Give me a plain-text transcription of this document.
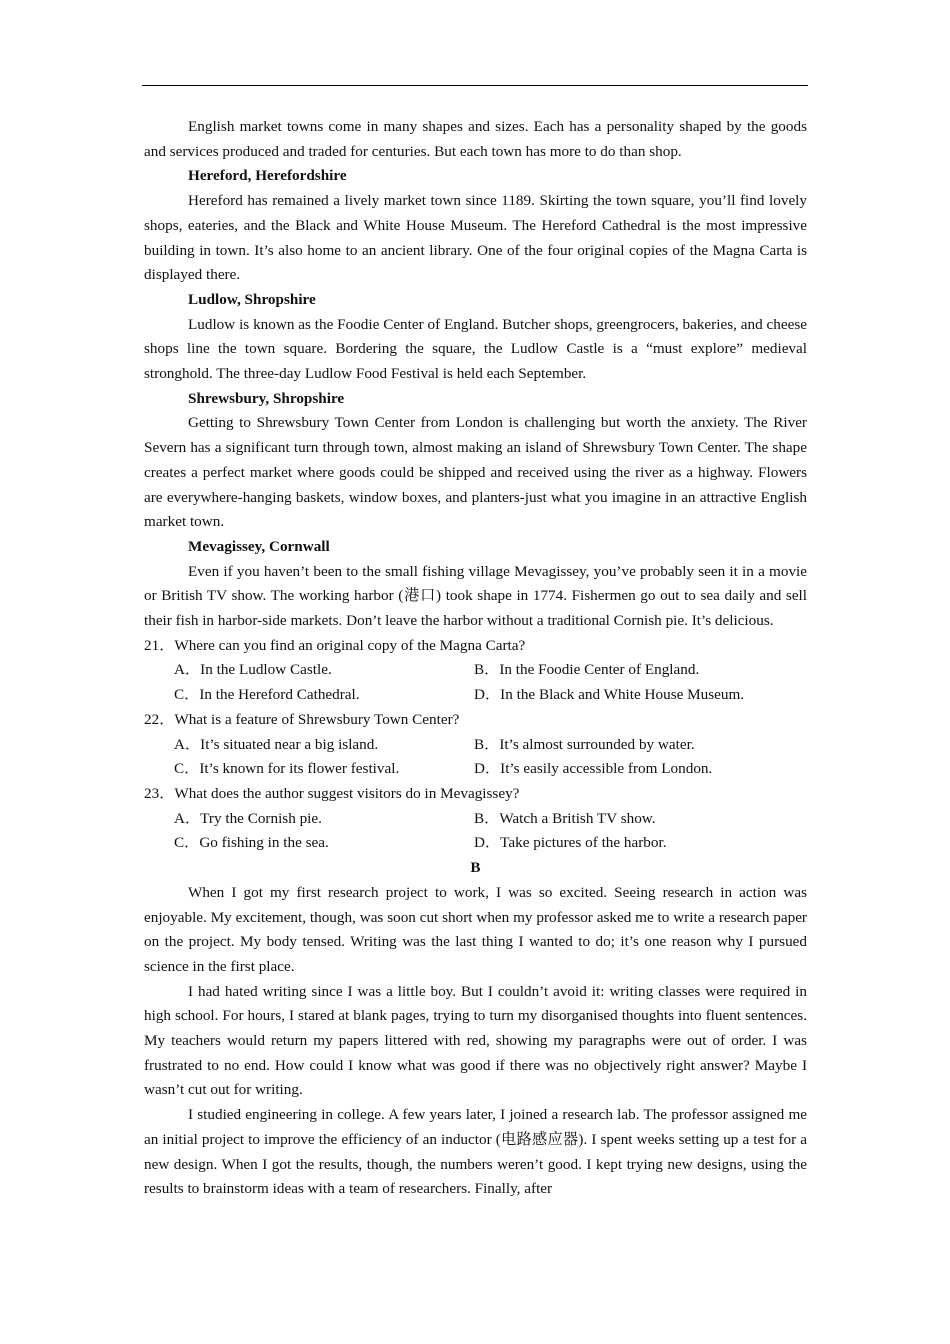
English market towns come in many shapes and sizes. Each has a personality shaped by the goods and services produced and traded for centuries. But each town has more to do than shop.

Hereford, Herefordshire

Hereford has remained a lively market town since 1189. Skirting the town square, you’ll find lovely shops, eateries, and the Black and White House Museum. The Hereford Cathedral is the most impressive building in town. It’s also home to an ancient library. One of the four original copies of the Magna Carta is displayed there.

Ludlow, Shropshire

Ludlow is known as the Foodie Center of England. Butcher shops, greengrocers, bakeries, and cheese shops line the town square. Bordering the square, the Ludlow Castle is a “must explore” medieval stronghold. The three-day Ludlow Food Festival is held each September.

Shrewsbury, Shropshire

Getting to Shrewsbury Town Center from London is challenging but worth the anxiety. The River Severn has a significant turn through town, almost making an island of Shrewsbury Town Center. The shape creates a perfect market where goods could be shipped and received using the river as a highway. Flowers are everywhere-hanging baskets, window boxes, and planters-just what you imagine in an attractive English market town.

Mevagissey, Cornwall

Even if you haven’t been to the small fishing village Mevagissey, you’ve probably seen it in a movie or British TV show. The working harbor (港口) took shape in 1774. Fishermen go out to sea daily and sell their fish in harbor-side markets. Don’t leave the harbor without a traditional Cornish pie. It’s delicious.

21．Where can you find an original copy of the Magna Carta?

A．In the Ludlow Castle.	B．In the Foodie Center of England.

C．In the Hereford Cathedral.	D．In the Black and White House Museum.

22．What is a feature of Shrewsbury Town Center?

A．It’s situated near a big island.	B．It’s almost surrounded by water.

C．It’s known for its flower festival.	D．It’s easily accessible from London.

23．What does the author suggest visitors do in Mevagissey?

A．Try the Cornish pie.	B．Watch a British TV show.

C．Go fishing in the sea.	D．Take pictures of the harbor.

B

When I got my first research project to work, I was so excited. Seeing research in action was enjoyable. My excitement, though, was soon cut short when my professor asked me to write a research paper on the project. My body tensed. Writing was the last thing I wanted to do; it’s one reason why I pursued science in the first place.

I had hated writing since I was a little boy. But I couldn’t avoid it: writing classes were required in high school. For hours, I stared at blank pages, trying to turn my disorganised thoughts into fluent sentences. My teachers would return my papers littered with red, showing my paragraphs were out of order. I was frustrated to no end. How could I know what was good if there was no objectively right answer? Maybe I wasn’t cut out for writing.

I studied engineering in college. A few years later, I joined a research lab. The professor assigned me an initial project to improve the efficiency of an inductor (电路感应器). I spent weeks setting up a test for a new design. When I got the results, though, the numbers weren’t good. I kept trying new designs, using the results to brainstorm ideas with a team of researchers. Finally, after
